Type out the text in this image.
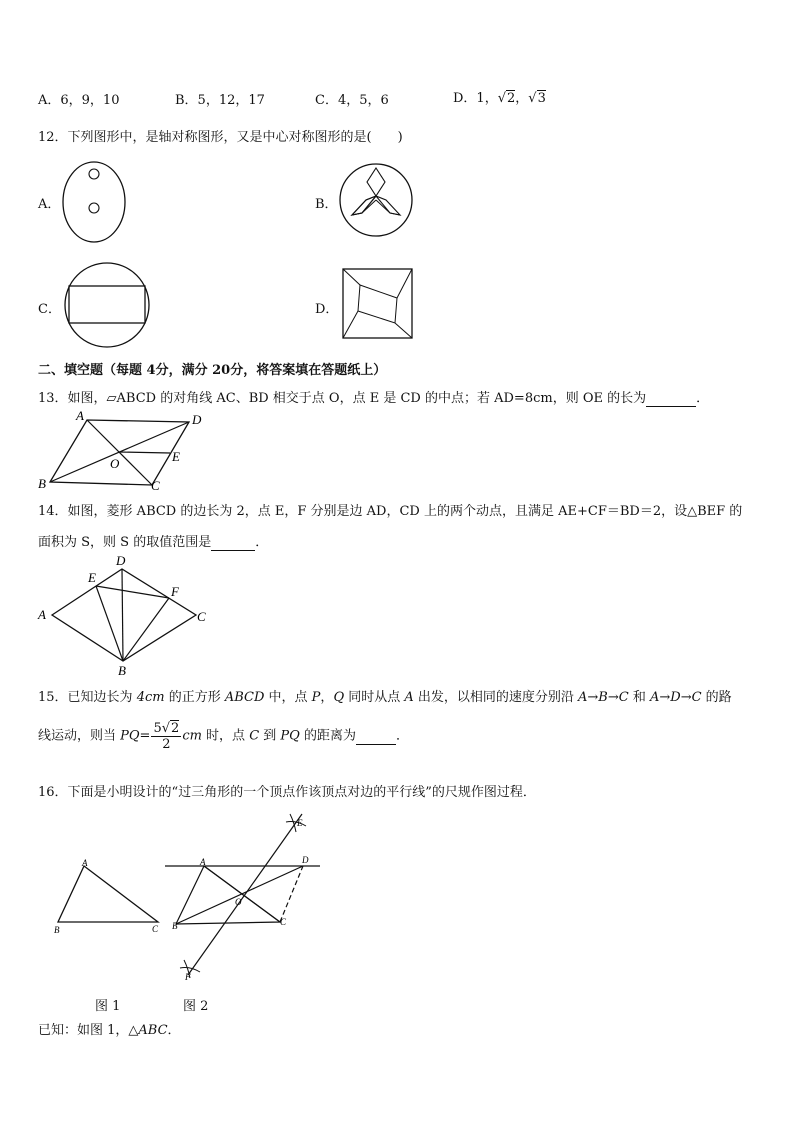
A．6，9，10	B．5，12，17	C．4，5，6	D．1，√2，√3
12．下列图形中，是轴对称图形，又是中心对称图形的是(　　)
A．	B．
C．	D．
二、填空题（每题 4分，满分 20分，将答案填在答题纸上）
13．如图，▱ABCD 的对角线 AC、BD 相交于点 O，点 E 是 CD 的中点；若 AD=8cm，则 OE 的长为	．
A	D
B	C
O	E
14．如图，菱形 ABCD 的边长为 2，点 E，F 分别是边 AD，CD 上的两个动点，且满足 AE+CF＝BD＝2，设△BEF 的
面积为 S，则 S 的取值范围是	．
D
E
F
A	C
B
15．已知边长为 4cm 的正方形 ABCD 中，点 P，Q 同时从点 A 出发，以相同的速度分别沿 A→B→C 和 A→D→C 的路
线运动，则当 $PQ= \frac{5√2}{2}$ cm 时，点 C 到 PQ 的距离为	．
16．下面是小明设计的“过三角形的一个顶点作该顶点对边的平行线”的尺规作图过程．
A
B	C
A
B	C
D
E
F
O
图 1	图 2
已知：如图 1，△ABC．
